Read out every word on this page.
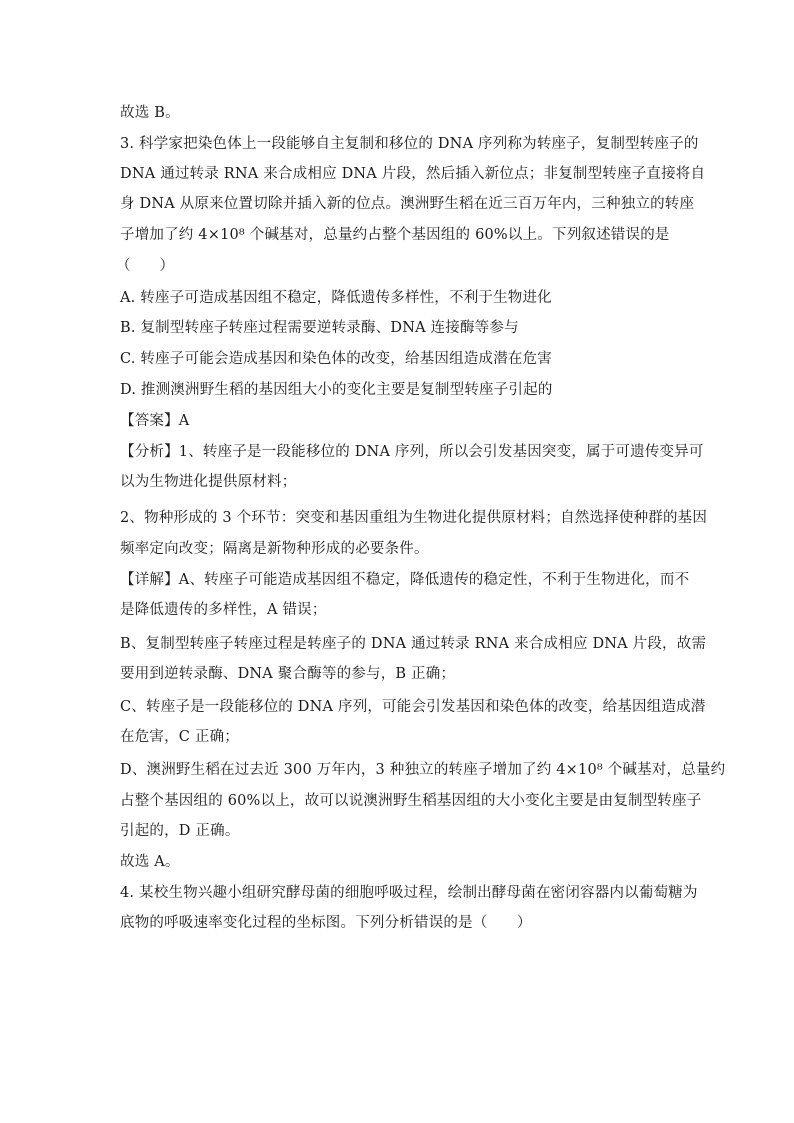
故选 B。
3. 科学家把染色体上一段能够自主复制和移位的 DNA 序列称为转座子，复制型转座子的
DNA 通过转录 RNA 来合成相应 DNA 片段，然后插入新位点；非复制型转座子直接将自
身 DNA 从原来位置切除并插入新的位点。澳洲野生稻在近三百万年内，三种独立的转座
子增加了约 4×10⁸ 个碱基对，总量约占整个基因组的 60%以上。下列叙述错误的是
（　　）
A. 转座子可造成基因组不稳定，降低遗传多样性，不利于生物进化
B. 复制型转座子转座过程需要逆转录酶、DNA 连接酶等参与
C. 转座子可能会造成基因和染色体的改变，给基因组造成潜在危害
D. 推测澳洲野生稻的基因组大小的变化主要是复制型转座子引起的
【答案】A
【分析】1、转座子是一段能移位的 DNA 序列，所以会引发基因突变，属于可遗传变异可
以为生物进化提供原材料；
2、物种形成的 3 个环节：突变和基因重组为生物进化提供原材料；自然选择使种群的基因
频率定向改变；隔离是新物种形成的必要条件。
【详解】A、转座子可能造成基因组不稳定，降低遗传的稳定性，不利于生物进化，而不
是降低遗传的多样性，A 错误；
B、复制型转座子转座过程是转座子的 DNA 通过转录 RNA 来合成相应 DNA 片段，故需
要用到逆转录酶、DNA 聚合酶等的参与，B 正确；
C、转座子是一段能移位的 DNA 序列，可能会引发基因和染色体的改变，给基因组造成潜
在危害，C 正确；
D、澳洲野生稻在过去近 300 万年内，3 种独立的转座子增加了约 4×10⁸ 个碱基对，总量约
占整个基因组的 60%以上，故可以说澳洲野生稻基因组的大小变化主要是由复制型转座子
引起的，D 正确。
故选 A。
4. 某校生物兴趣小组研究酵母菌的细胞呼吸过程，绘制出酵母菌在密闭容器内以葡萄糖为
底物的呼吸速率变化过程的坐标图。下列分析错误的是（　　）
